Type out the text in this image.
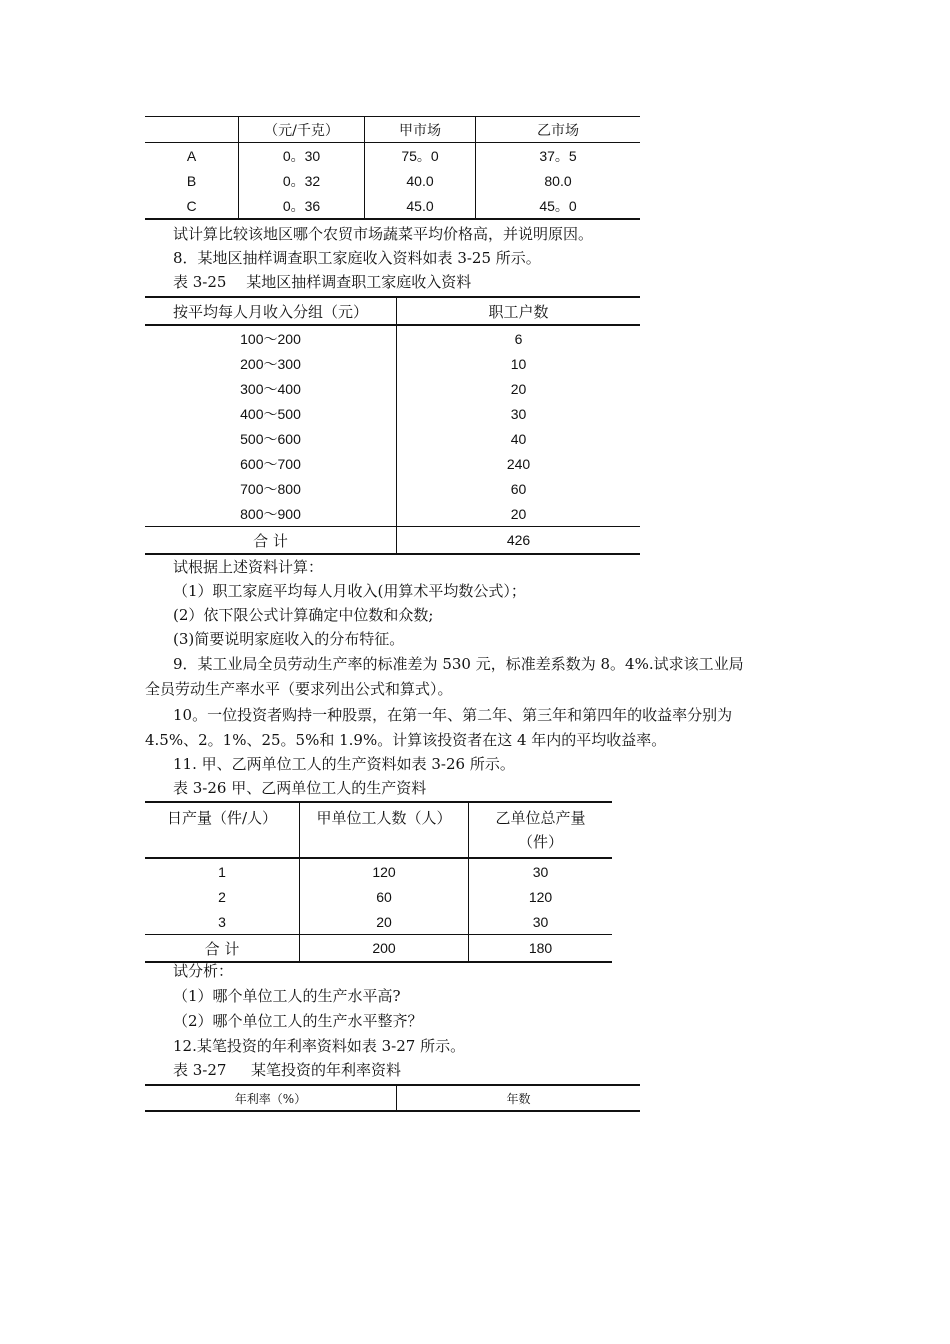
	（元/千克）	甲市场	乙市场
A	0。30	75。0	37。5
B	0。32	40.0	80.0
C	0。36	45.0	45。0
试计算比较该地区哪个农贸市场蔬菜平均价格高，并说明原因。
8．某地区抽样调查职工家庭收入资料如表 3-25 所示。
表 3-25　 某地区抽样调查职工家庭收入资料
按平均每人月收入分组（元）	职工户数
100～200	6
200～300	10
300～400	20
400～500	30
500～600	40
600～700	240
700～800	60
800～900	20
合 计	426
试根据上述资料计算：
（1）职工家庭平均每人月收入(用算术平均数公式）；
(2）依下限公式计算确定中位数和众数;
(3)简要说明家庭收入的分布特征。
9．某工业局全员劳动生产率的标准差为 530 元，标准差系数为 8。4%.试求该工业局
全员劳动生产率水平（要求列出公式和算式）。
10。一位投资者购持一种股票，在第一年、第二年、第三年和第四年的收益率分别为
4.5%、2。1%、25。5%和 1.9%。计算该投资者在这 4 年内的平均收益率。
11. 甲、乙两单位工人的生产资料如表 3-26 所示。
表 3-26 甲、乙两单位工人的生产资料
日产量（件/人）	甲单位工人数（人）	乙单位总产量
（件）

1	120	30
2	60	120
3	20	30
合 计	200	180
试分析：
（1）哪个单位工人的生产水平高?
（2）哪个单位工人的生产水平整齐？
12.某笔投资的年利率资料如表 3-27 所示。
表 3-27 　 某笔投资的年利率资料
年利率（%）	年数
